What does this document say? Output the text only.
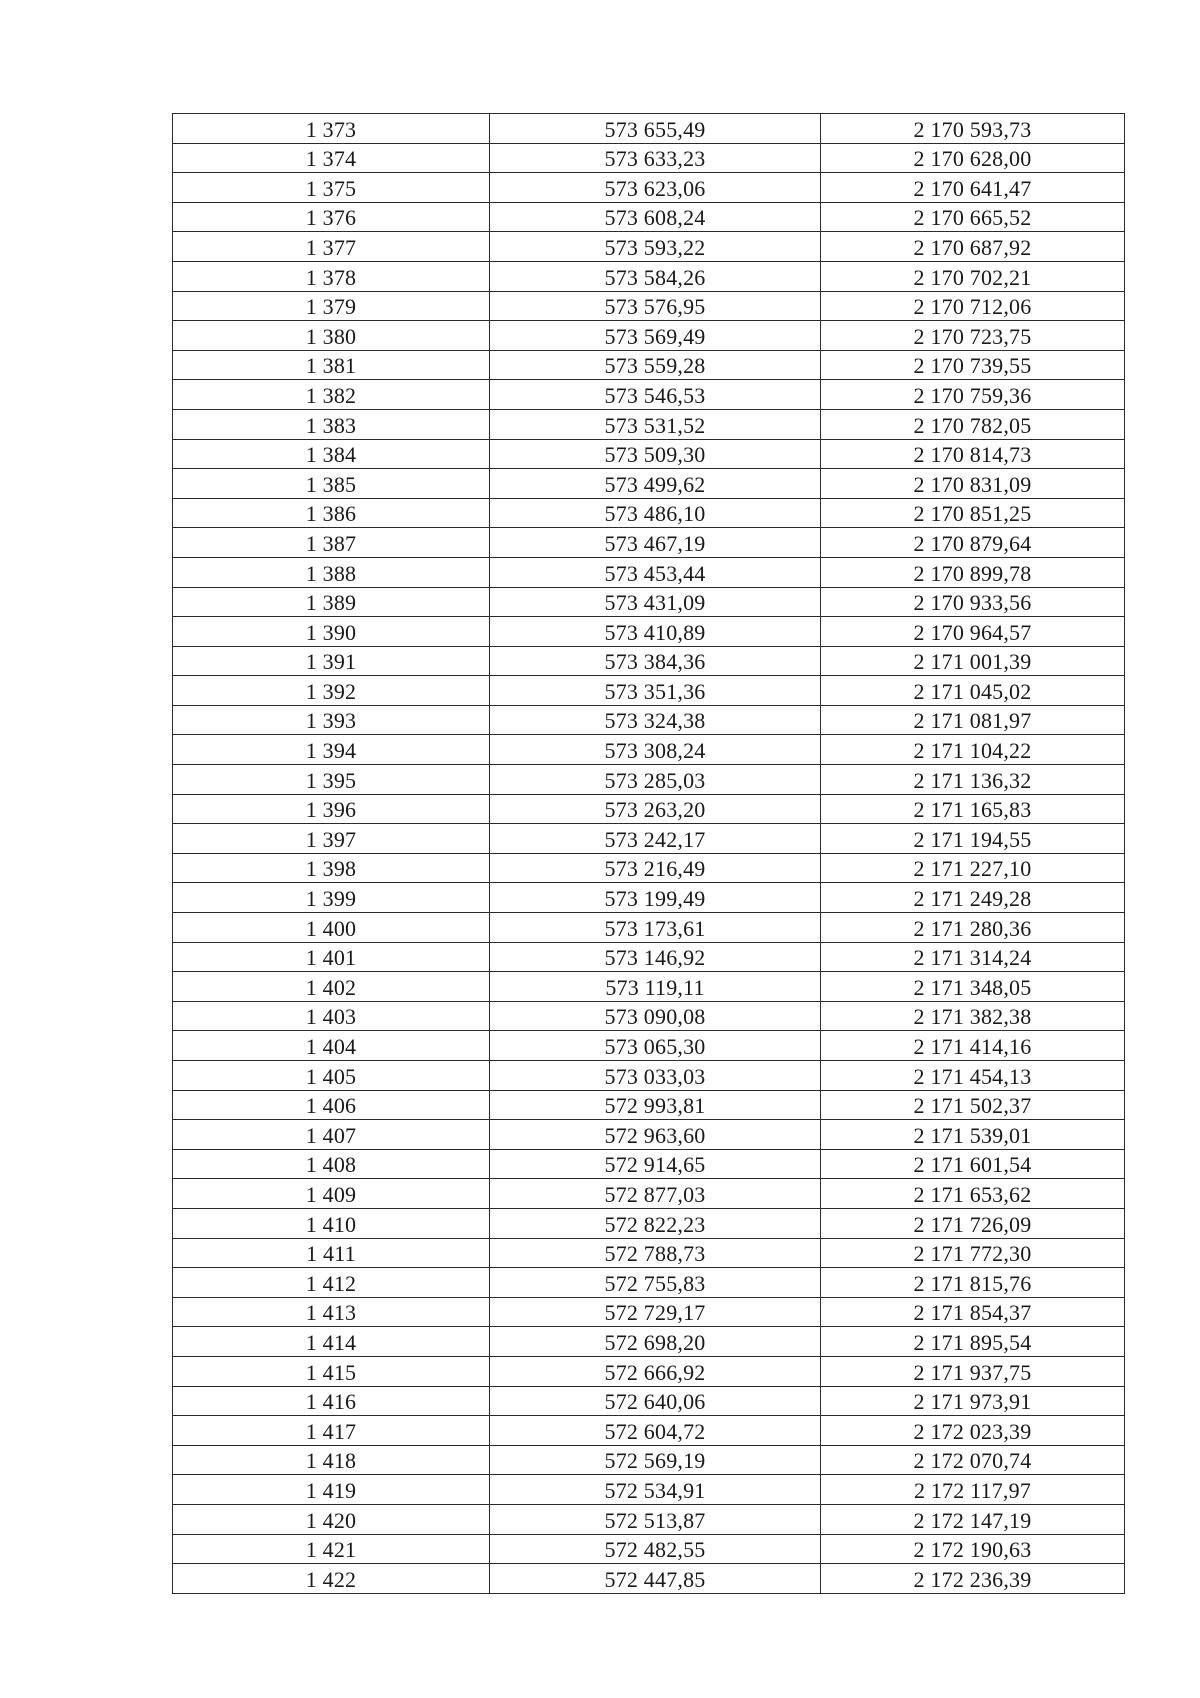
1 373	573 655,49	2 170 593,73
1 374	573 633,23	2 170 628,00
1 375	573 623,06	2 170 641,47
1 376	573 608,24	2 170 665,52
1 377	573 593,22	2 170 687,92
1 378	573 584,26	2 170 702,21
1 379	573 576,95	2 170 712,06
1 380	573 569,49	2 170 723,75
1 381	573 559,28	2 170 739,55
1 382	573 546,53	2 170 759,36
1 383	573 531,52	2 170 782,05
1 384	573 509,30	2 170 814,73
1 385	573 499,62	2 170 831,09
1 386	573 486,10	2 170 851,25
1 387	573 467,19	2 170 879,64
1 388	573 453,44	2 170 899,78
1 389	573 431,09	2 170 933,56
1 390	573 410,89	2 170 964,57
1 391	573 384,36	2 171 001,39
1 392	573 351,36	2 171 045,02
1 393	573 324,38	2 171 081,97
1 394	573 308,24	2 171 104,22
1 395	573 285,03	2 171 136,32
1 396	573 263,20	2 171 165,83
1 397	573 242,17	2 171 194,55
1 398	573 216,49	2 171 227,10
1 399	573 199,49	2 171 249,28
1 400	573 173,61	2 171 280,36
1 401	573 146,92	2 171 314,24
1 402	573 119,11	2 171 348,05
1 403	573 090,08	2 171 382,38
1 404	573 065,30	2 171 414,16
1 405	573 033,03	2 171 454,13
1 406	572 993,81	2 171 502,37
1 407	572 963,60	2 171 539,01
1 408	572 914,65	2 171 601,54
1 409	572 877,03	2 171 653,62
1 410	572 822,23	2 171 726,09
1 411	572 788,73	2 171 772,30
1 412	572 755,83	2 171 815,76
1 413	572 729,17	2 171 854,37
1 414	572 698,20	2 171 895,54
1 415	572 666,92	2 171 937,75
1 416	572 640,06	2 171 973,91
1 417	572 604,72	2 172 023,39
1 418	572 569,19	2 172 070,74
1 419	572 534,91	2 172 117,97
1 420	572 513,87	2 172 147,19
1 421	572 482,55	2 172 190,63
1 422	572 447,85	2 172 236,39
